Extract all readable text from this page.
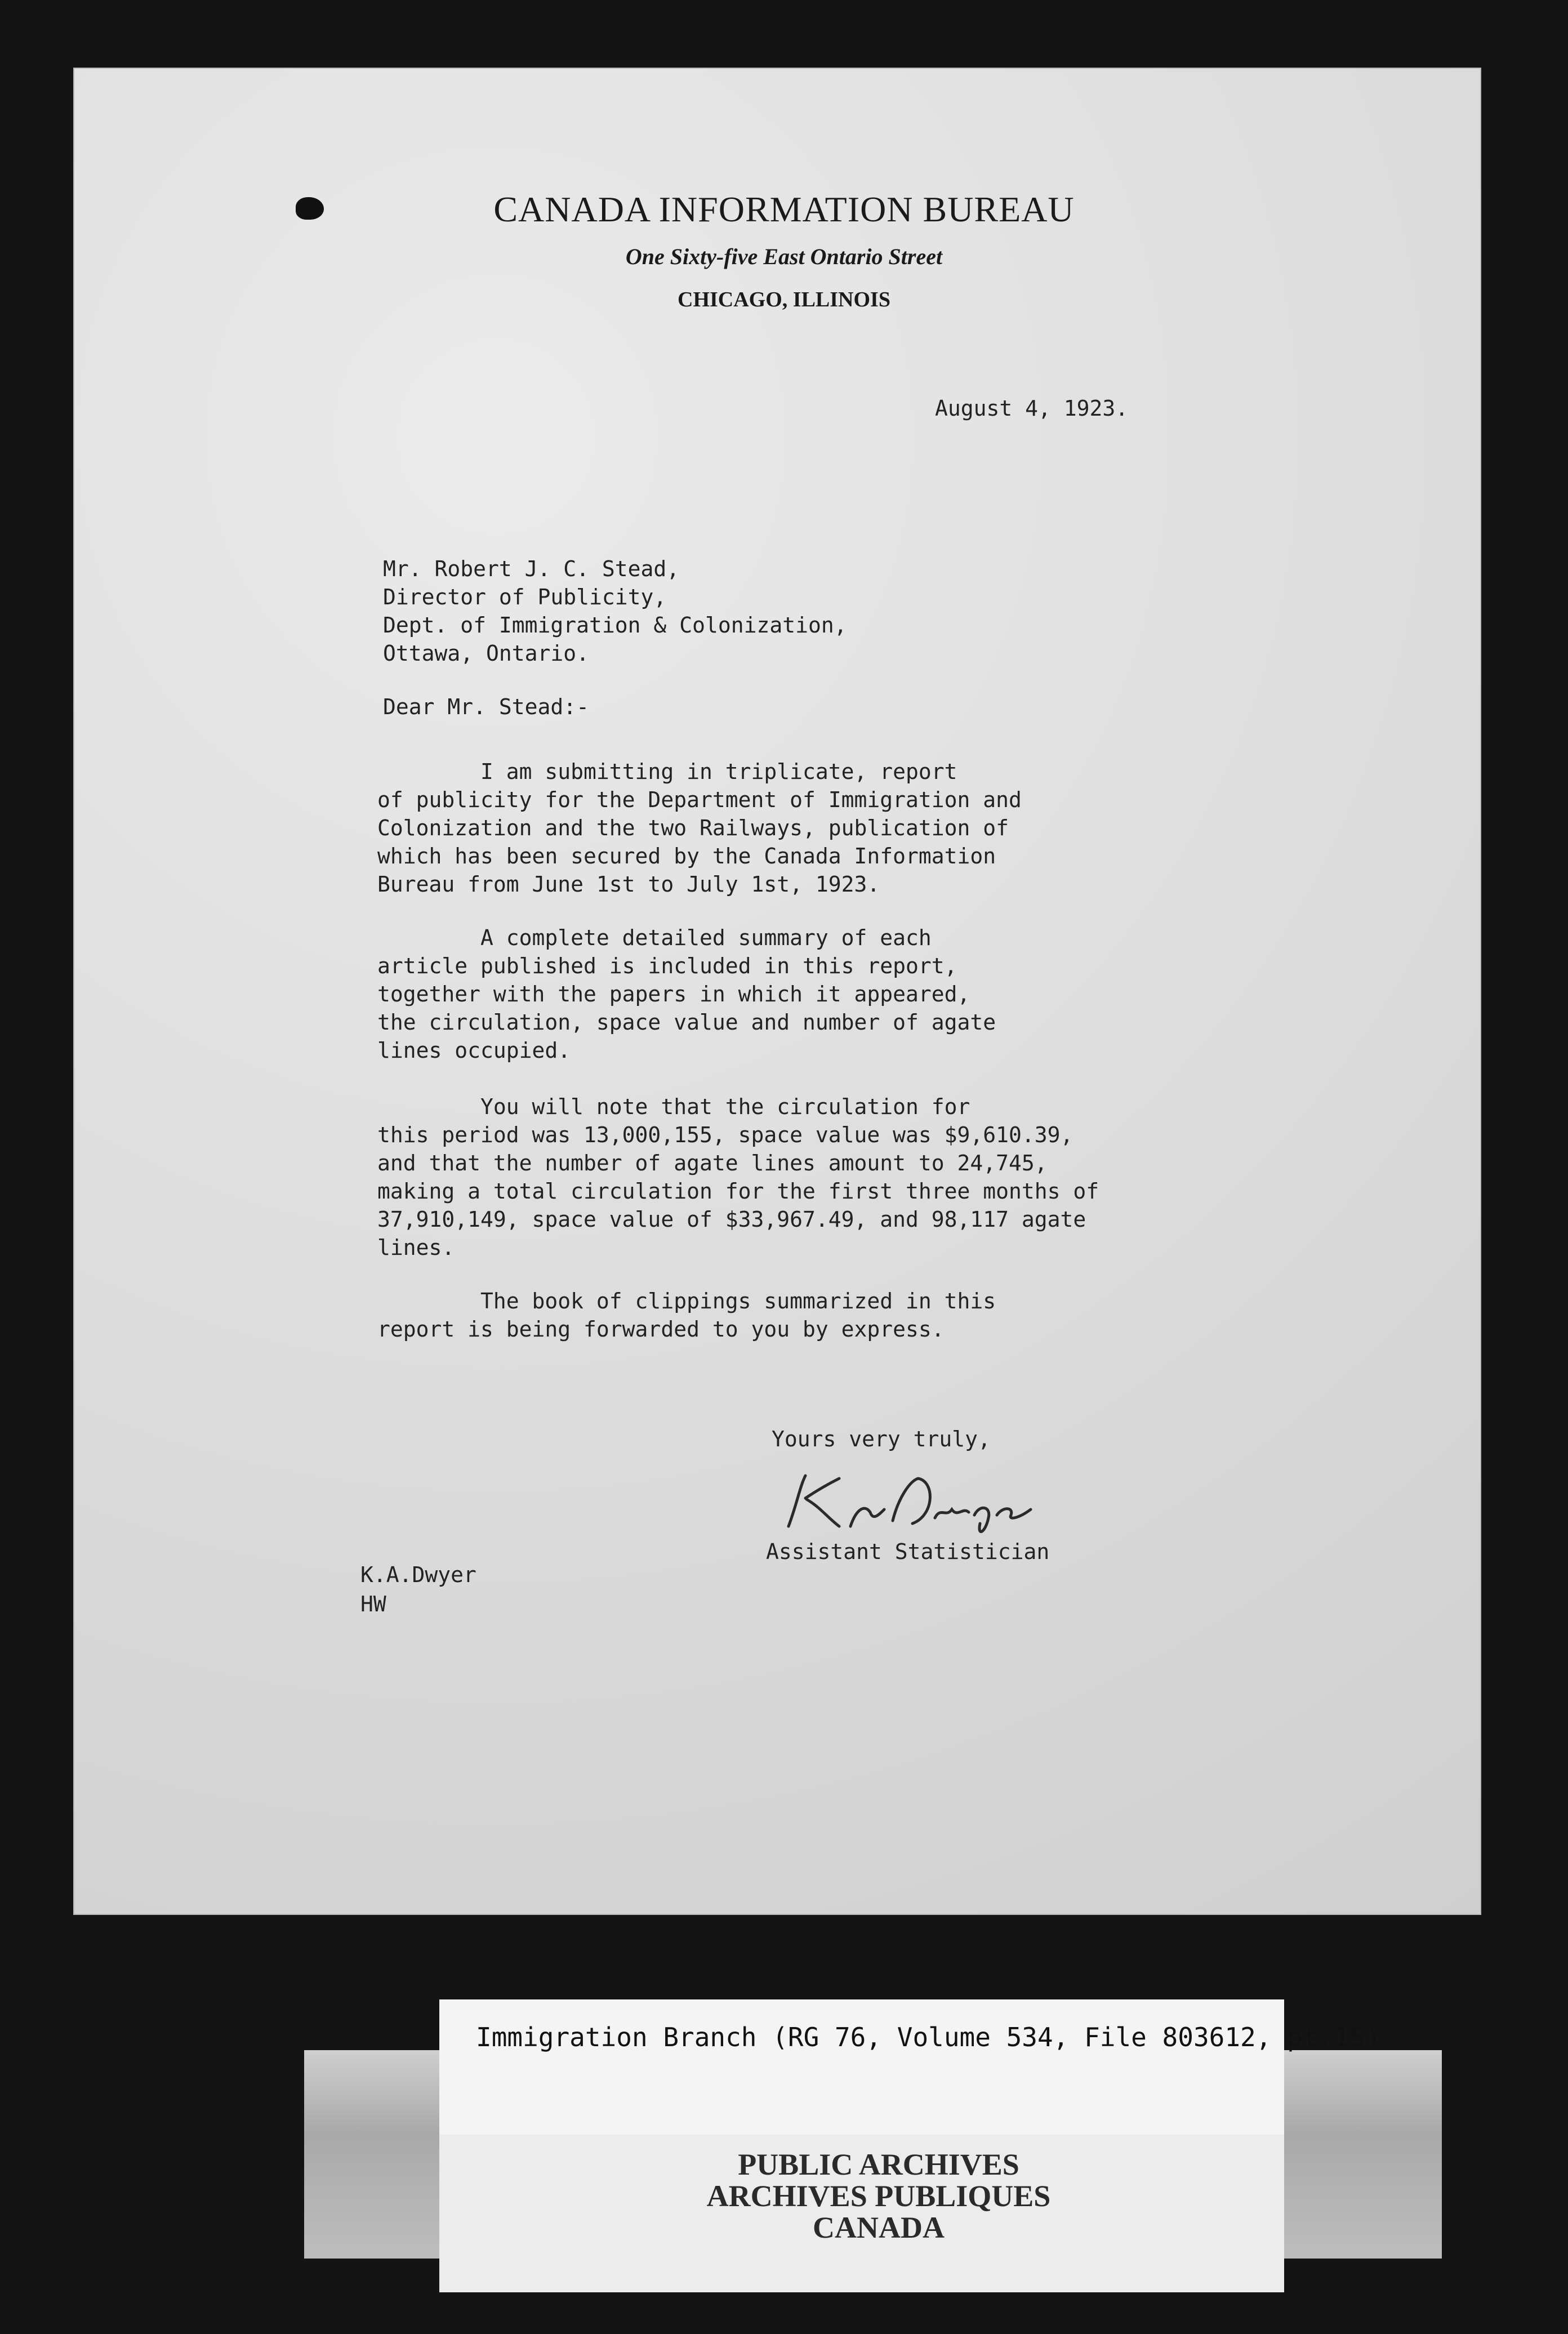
CANADA INFORMATION BUREAU
One Sixty-five East Ontario Street
CHICAGO, ILLINOIS
August 4, 1923.
Mr. Robert J. C. Stead,
Director of Publicity,
Dept. of Immigration & Colonization,
Ottawa, Ontario.
Dear Mr. Stead:-
I am submitting in triplicate, report
of publicity for the Department of Immigration and
Colonization and the two Railways, publication of
which has been secured by the Canada Information
Bureau from June 1st to July 1st, 1923.
A complete detailed summary of each
article published is included in this report,
together with the papers in which it appeared,
the circulation, space value and number of agate
lines occupied.
You will note that the circulation for
this period was 13,000,155, space value was $9,610.39,
and that the number of agate lines amount to 24,745,
making a total circulation for the first three months of
37,910,149, space value of $33,967.49, and 98,117 agate
lines.
The book of clippings summarized in this
report is being forwarded to you by express.
Yours very truly,
Assistant Statistician
K.A.Dwyer
HW
Immigration Branch (RG 76, Volume 534, File 803612, pt.15)
PUBLIC ARCHIVES
ARCHIVES PUBLIQUES
CANADA
